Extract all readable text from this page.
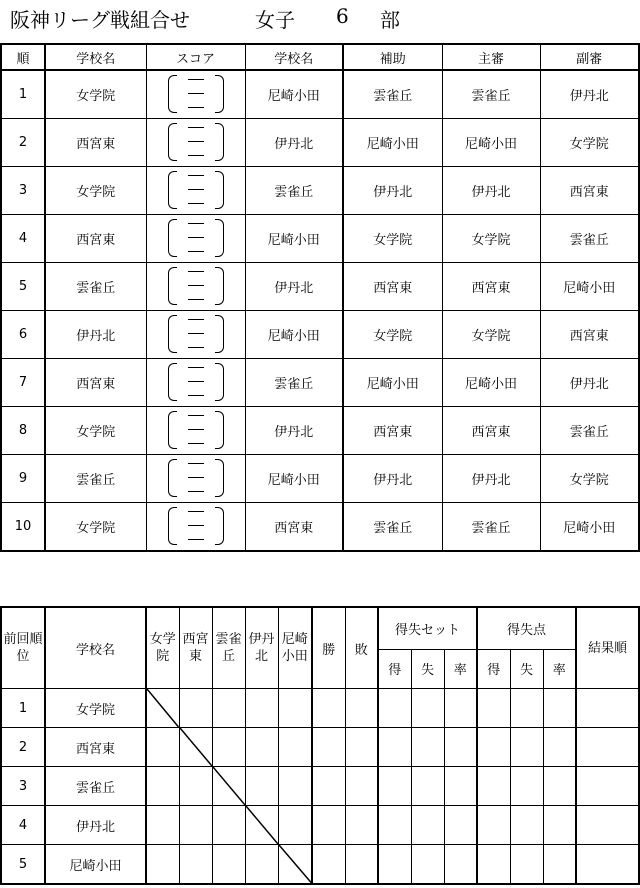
阪神リーグ戦組合せ	女子 6 部
順	学校名	スコア	学校名	補助	主審	副審
1	女学院		尼崎小田	雲雀丘	雲雀丘	伊丹北
2	西宮東		伊丹北	尼崎小田	尼崎小田	女学院
3	女学院		雲雀丘	伊丹北	伊丹北	西宮東
4	西宮東		尼崎小田	女学院	女学院	雲雀丘
5	雲雀丘		伊丹北	西宮東	西宮東	尼崎小田
6	伊丹北		尼崎小田	女学院	女学院	西宮東
7	西宮東		雲雀丘	尼崎小田	尼崎小田	伊丹北
8	女学院		伊丹北	西宮東	西宮東	雲雀丘
9	雲雀丘		尼崎小田	伊丹北	伊丹北	女学院
10	女学院		西宮東	雲雀丘	雲雀丘	尼崎小田
前回順位	学校名	女学院	西宮東	雲雀丘	伊丹北	尼崎小田	勝	敗	得失セット			得失点			結果順
									得	失	率	得	失	率	
1	女学院	

2	西宮東		

3	雲雀丘			

4	伊丹北				

5	尼崎小田					
